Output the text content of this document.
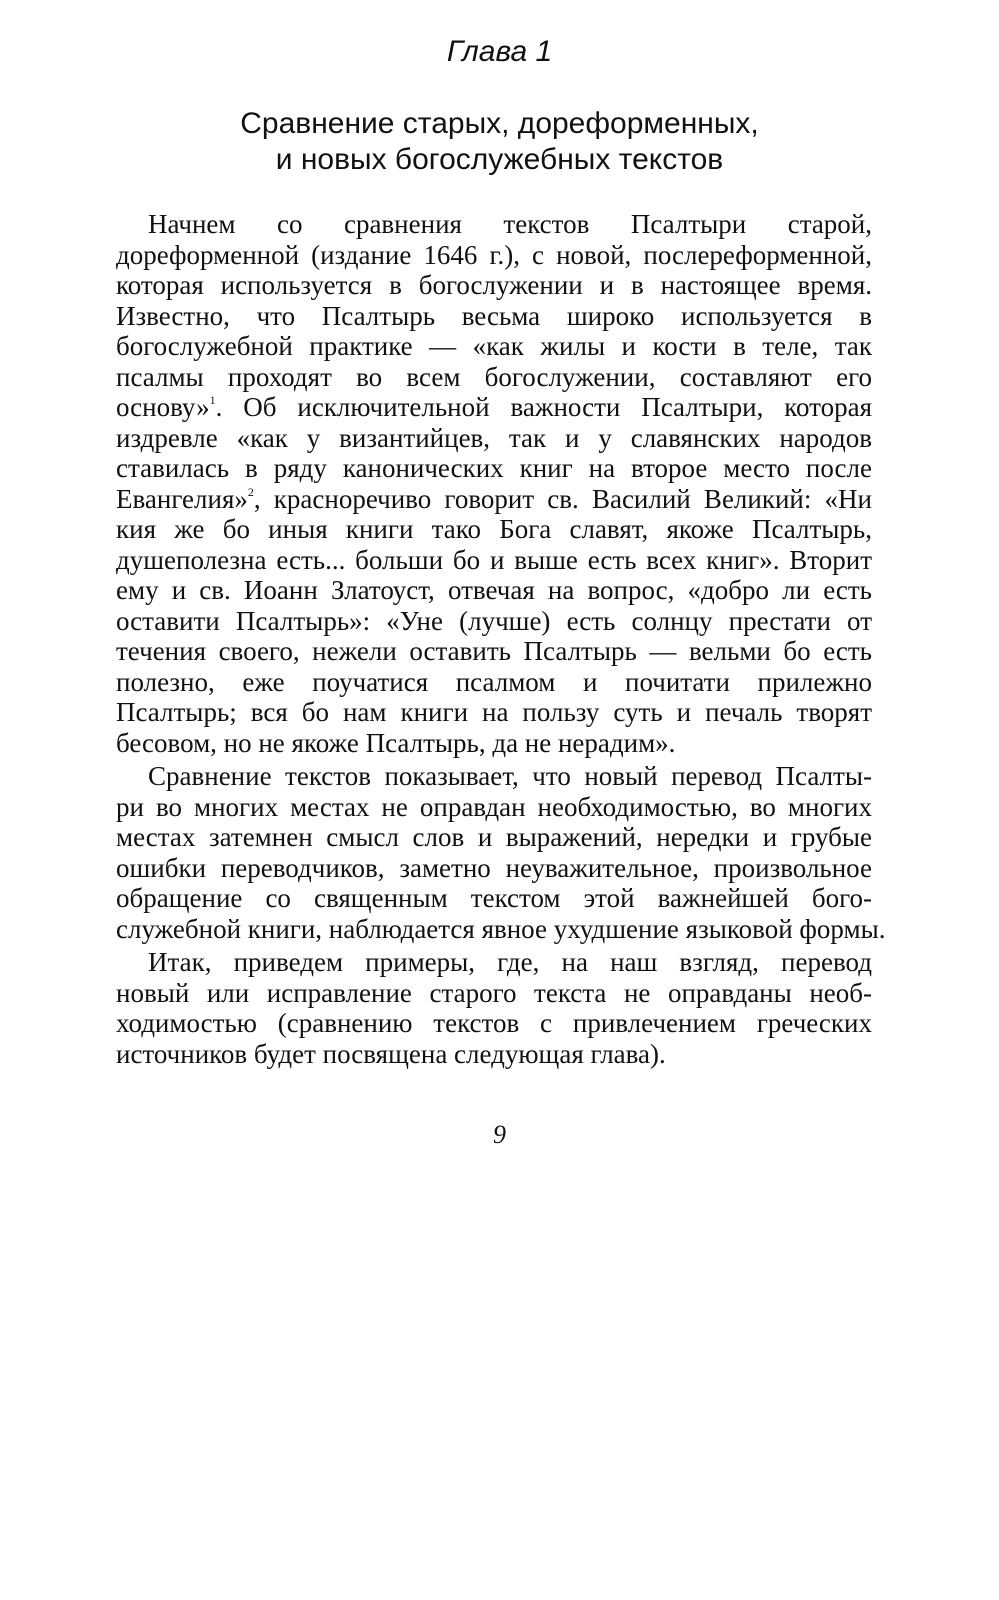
Глава 1
Сравнение старых, дореформенных,
и новых богослужебных текстов
Начнем со сравнения текстов Псалтыри старой,
дореформенной (издание 1646 г.), с новой, послереформенной,
которая используется в богослужении и в настоящее время.
Известно, что Псалтырь весьма широко используется в
богослужебной практике — «как жилы и кости в теле, так
псалмы проходят во всем богослужении, составляют его
основу»$^1$. Об исключительной важности Псалтыри, которая
издревле «как у византийцев, так и у славянских народов
ставилась в ряду канонических книг на второе место после
Евангелия»$^2$, красноречиво говорит св. Василий Великий: «Ни
кия же бо иныя книги тако Бога славят, якоже Псалтырь,
душеполезна есть... больши бо и выше есть всех книг». Вторит
ему и св. Иоанн Златоуст, отвечая на вопрос, «добро ли есть
оставити Псалтырь»: «Уне (лучше) есть солнцу престати от
течения своего, нежели оставить Псалтырь — вельми бо есть
полезно, еже поучатися псалмом и почитати прилежно
Псалтырь; вся бо нам книги на пользу суть и печаль творят
бесовом, но не якоже Псалтырь, да не нерадим».
Сравнение текстов показывает, что новый перевод Псалты-
ри во многих местах не оправдан необходимостью, во многих
местах затемнен смысл слов и выражений, нередки и грубые
ошибки переводчиков, заметно неуважительное, произвольное
обращение со священным текстом этой важнейшей бого-
служебной книги, наблюдается явное ухудшение языковой формы.
Итак, приведем примеры, где, на наш взгляд, перевод
новый или исправление старого текста не оправданы необ-
ходимостью (сравнению текстов с привлечением греческих
источников будет посвящена следующая глава).
9
